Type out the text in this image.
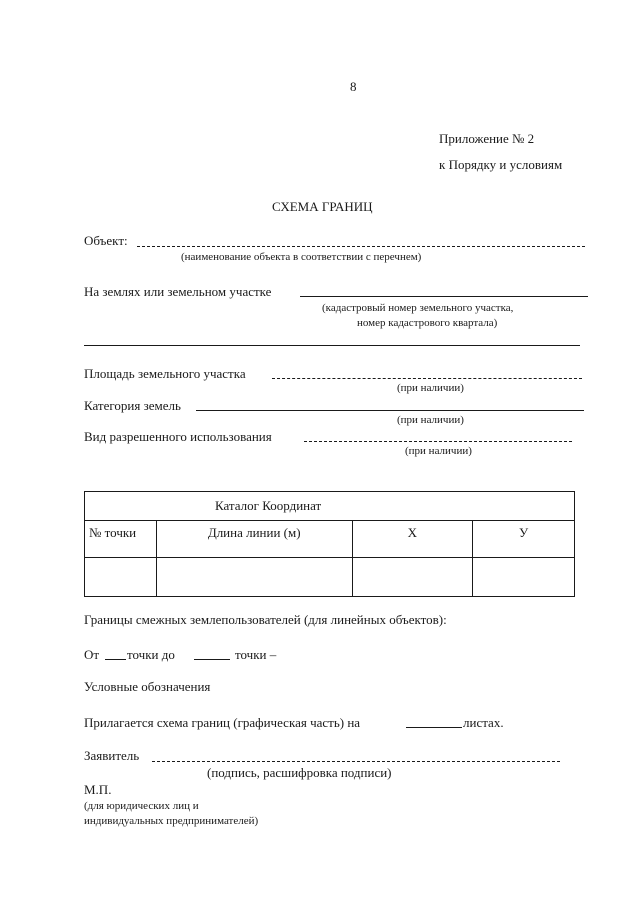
8
Приложение № 2
к Порядку и условиям
СХЕМА ГРАНИЦ
Объект:
(наименование объекта в соответствии с перечнем)
На землях или земельном участке
(кадастровый номер земельного участка,
номер кадастрового квартала)
Площадь земельного участка
(при наличии)
Категория земель
(при наличии)
Вид разрешенного использования
(при наличии)
Каталог Координат			
№ точки	Длина линии (м)	X	У

Границы смежных землепользователей (для линейных объектов):
От точки до	точки –
Условные обозначения
Прилагается схема границ (графическая часть) на	листах.
Заявитель
(подпись, расшифровка подписи)
М.П.
(для юридических лиц и
индивидуальных предпринимателей)
